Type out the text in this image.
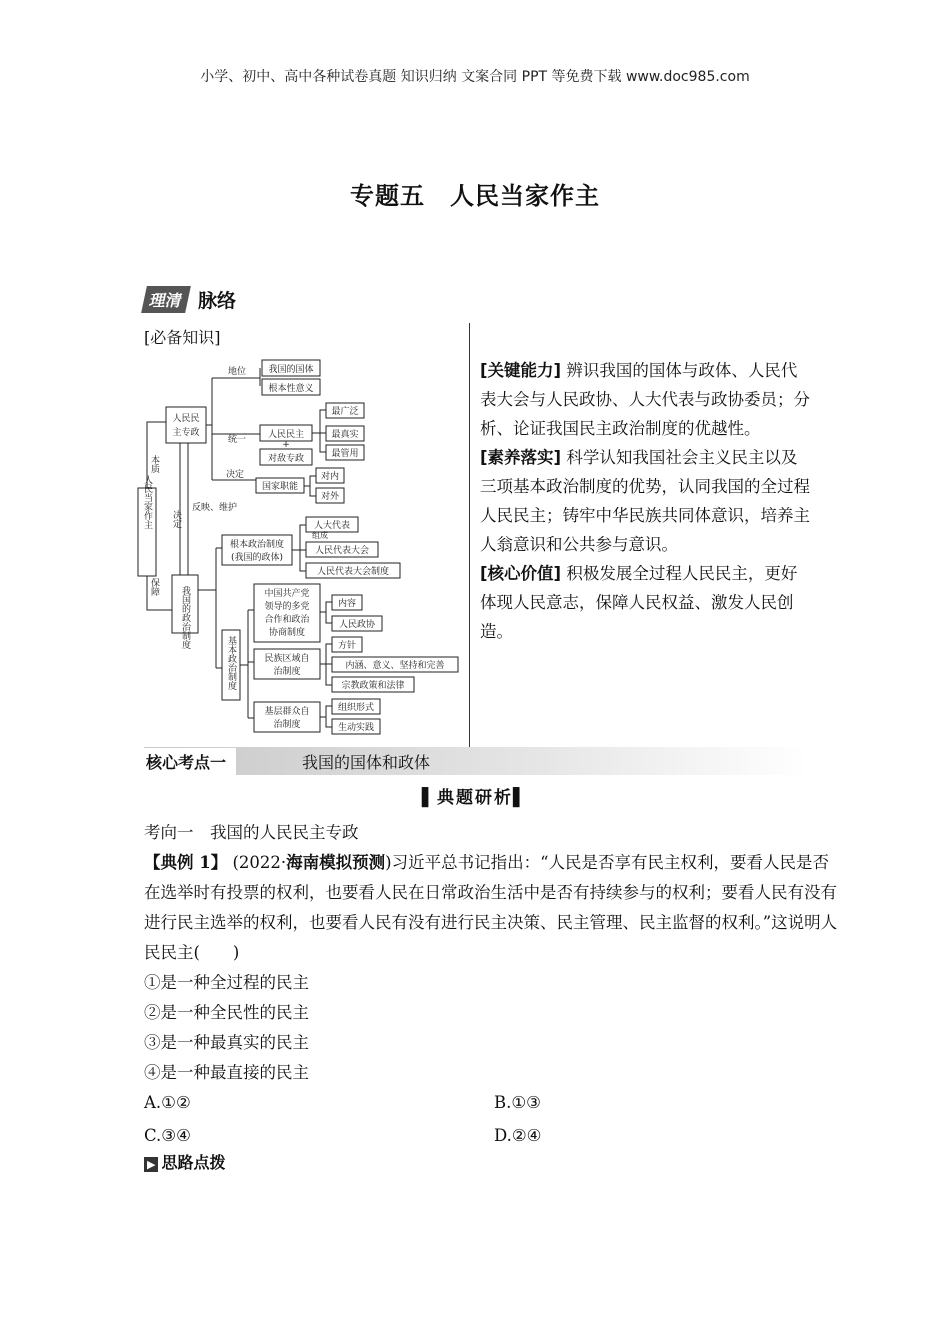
小学、初中、高中各种试卷真题 知识归纳 文案合同 PPT 等免费下载 www.doc985.com
专题五　人民当家作主
理清 脉络
[必备知识]
人民当家作主
本质
保障
人民民
主专政
我国的政治制度
决定
反映、维护
地位 我国的国体
根本性意义
统一 人民民主
+
对敌专政
最广泛
最真实
最管用
决定
国家职能
对内
对外
根本政治制度
(我国的政体)
基本政治制度
组成
人大代表
人民代表大会
人民代表大会制度
中国共产党
领导的多党
合作和政治
协商制度
内容
人民政协
民族区域自
治制度
方针
内涵、意义、坚持和完善
宗教政策和法律
基层群众自
治制度
组织形式
生动实践

[关键能力] 辨识我国的国体与政体、人民代表大会与人民政协、人大代表与政协委员；分析、论证我国民主政治制度的优越性。

[素养落实] 科学认知我国社会主义民主以及三项基本政治制度的优势，认同我国的全过程人民民主；铸牢中华民族共同体意识，培养主人翁意识和公共参与意识。

[核心价值] 积极发展全过程人民民主，更好体现人民意志，保障人民权益、激发人民创造。

核心考点一	我国的国体和政体
▌典题研析▌

考向一　我国的人民民主专政

【典例 1】 (2022·海南模拟预测)习近平总书记指出：“人民是否享有民主权利，要看人民是否在选举时有投票的权利，也要看人民在日常政治生活中是否有持续参与的权利；要看人民有没有进行民主选举的权利，也要看人民有没有进行民主决策、民主管理、民主监督的权利。”这说明人民民主(　　)

①是一种全过程的民主

②是一种全民性的民主

③是一种最真实的民主

④是一种最直接的民主

A.①②	B.①③
C.③④	D.②④
▶ 思路点拨
